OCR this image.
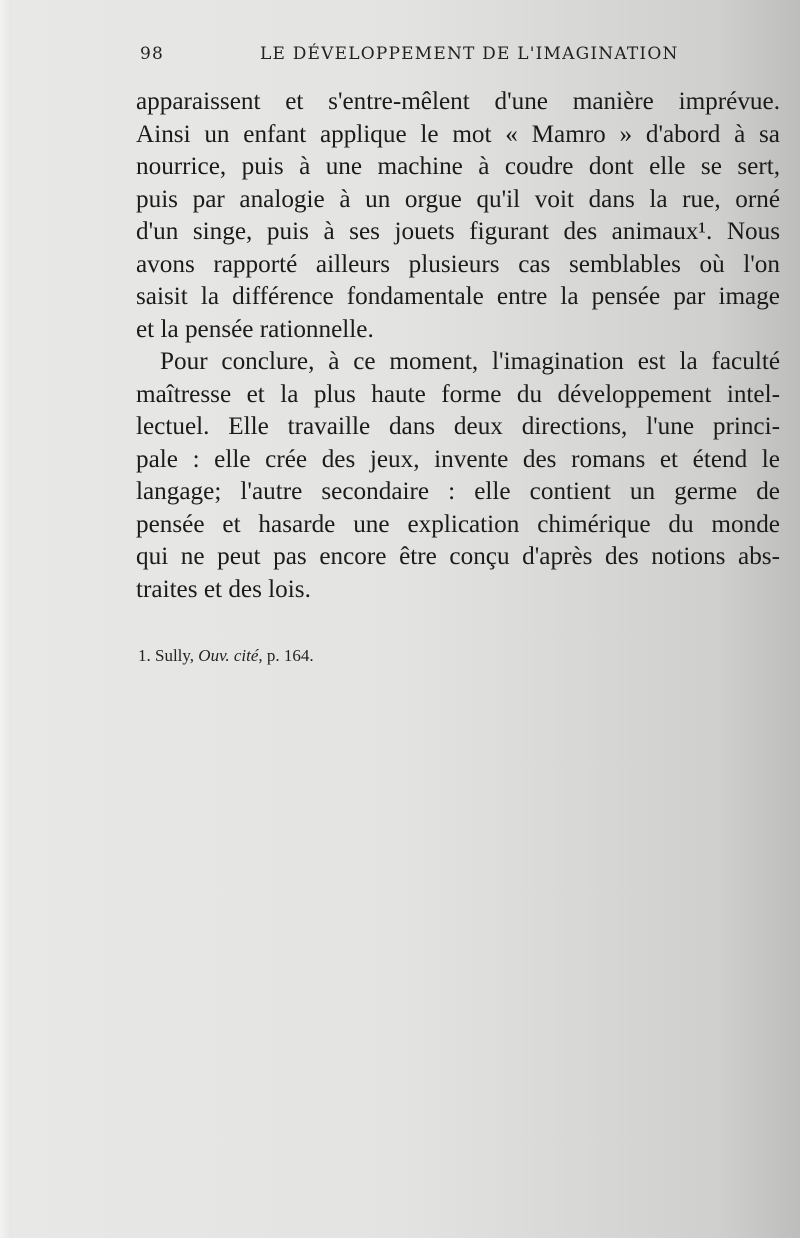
98	LE DÉVELOPPEMENT DE L'IMAGINATION
apparaissent et s'entre-mêlent d'une manière imprévue.
Ainsi un enfant applique le mot « Mamro » d'abord à sa
nourrice, puis à une machine à coudre dont elle se sert,
puis par analogie à un orgue qu'il voit dans la rue, orné
d'un singe, puis à ses jouets figurant des animaux¹. Nous
avons rapporté ailleurs plusieurs cas semblables où l'on
saisit la différence fondamentale entre la pensée par image
et la pensée rationnelle.
Pour conclure, à ce moment, l'imagination est la faculté
maîtresse et la plus haute forme du développement intel-
lectuel. Elle travaille dans deux directions, l'une princi-
pale : elle crée des jeux, invente des romans et étend le
langage; l'autre secondaire : elle contient un germe de
pensée et hasarde une explication chimérique du monde
qui ne peut pas encore être conçu d'après des notions abs-
traites et des lois.
1. Sully, Ouv. cité, p. 164.
